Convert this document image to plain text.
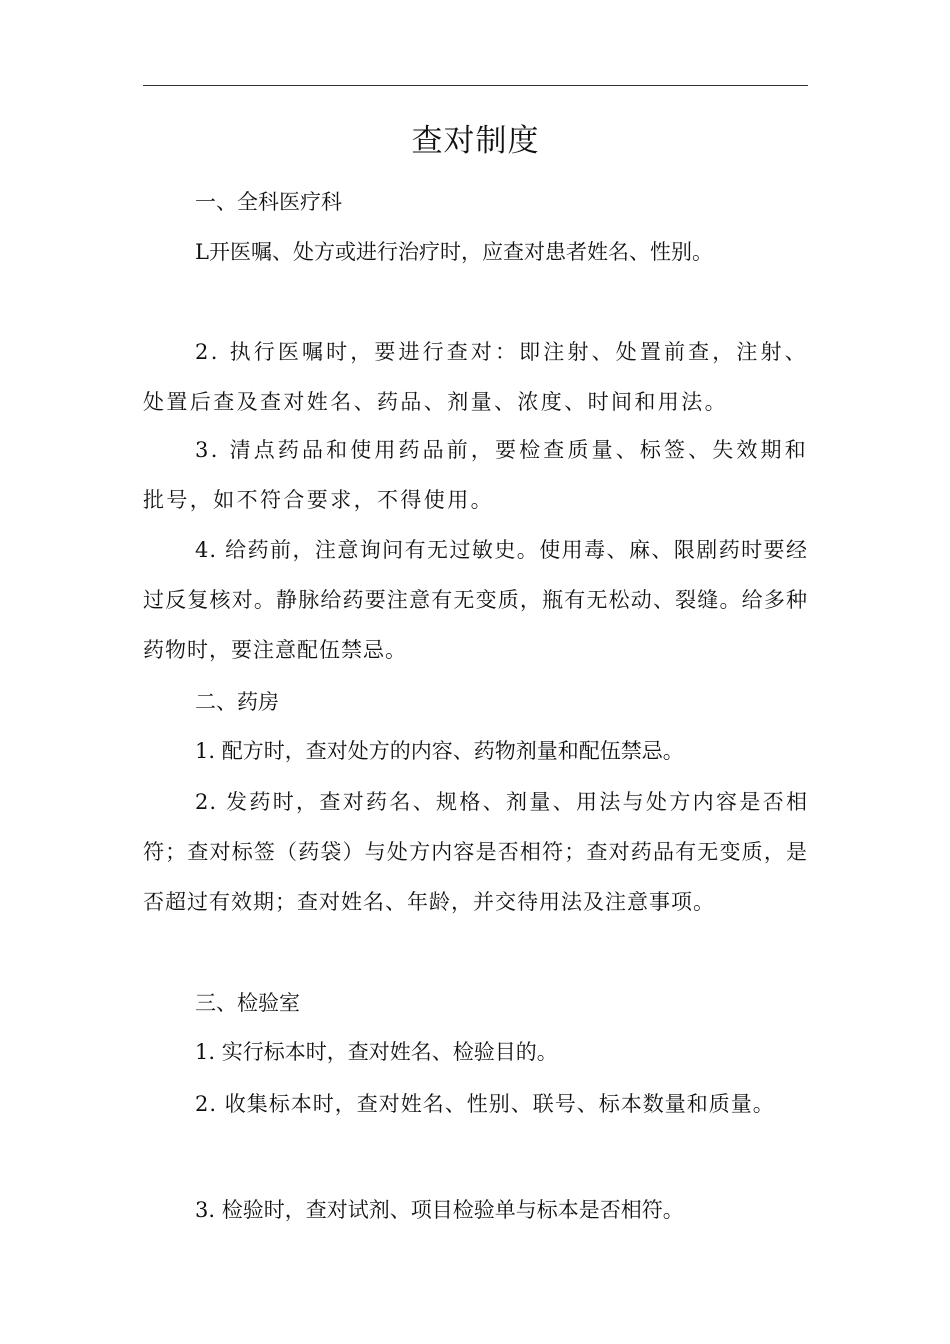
查对制度
一、全科医疗科
L开医嘱、处方或进行治疗时，应查对患者姓名、性别。
2. 执行医嘱时，要进行查对：即注射、处置前查，注射、处置后查及查对姓名、药品、剂量、浓度、时间和用法。
3. 清点药品和使用药品前，要检查质量、标签、失效期和批号，如不符合要求，不得使用。
4. 给药前，注意询问有无过敏史。使用毒、麻、限剧药时要经过反复核对。静脉给药要注意有无变质，瓶有无松动、裂缝。给多种药物时，要注意配伍禁忌。
二、药房
1. 配方时，查对处方的内容、药物剂量和配伍禁忌。
2. 发药时，查对药名、规格、剂量、用法与处方内容是否相符；查对标签（药袋）与处方内容是否相符；查对药品有无变质，是否超过有效期；查对姓名、年龄，并交待用法及注意事项。
三、检验室
1. 实行标本时，查对姓名、检验目的。
2. 收集标本时，查对姓名、性别、联号、标本数量和质量。
3. 检验时，查对试剂、项目检验单与标本是否相符。
